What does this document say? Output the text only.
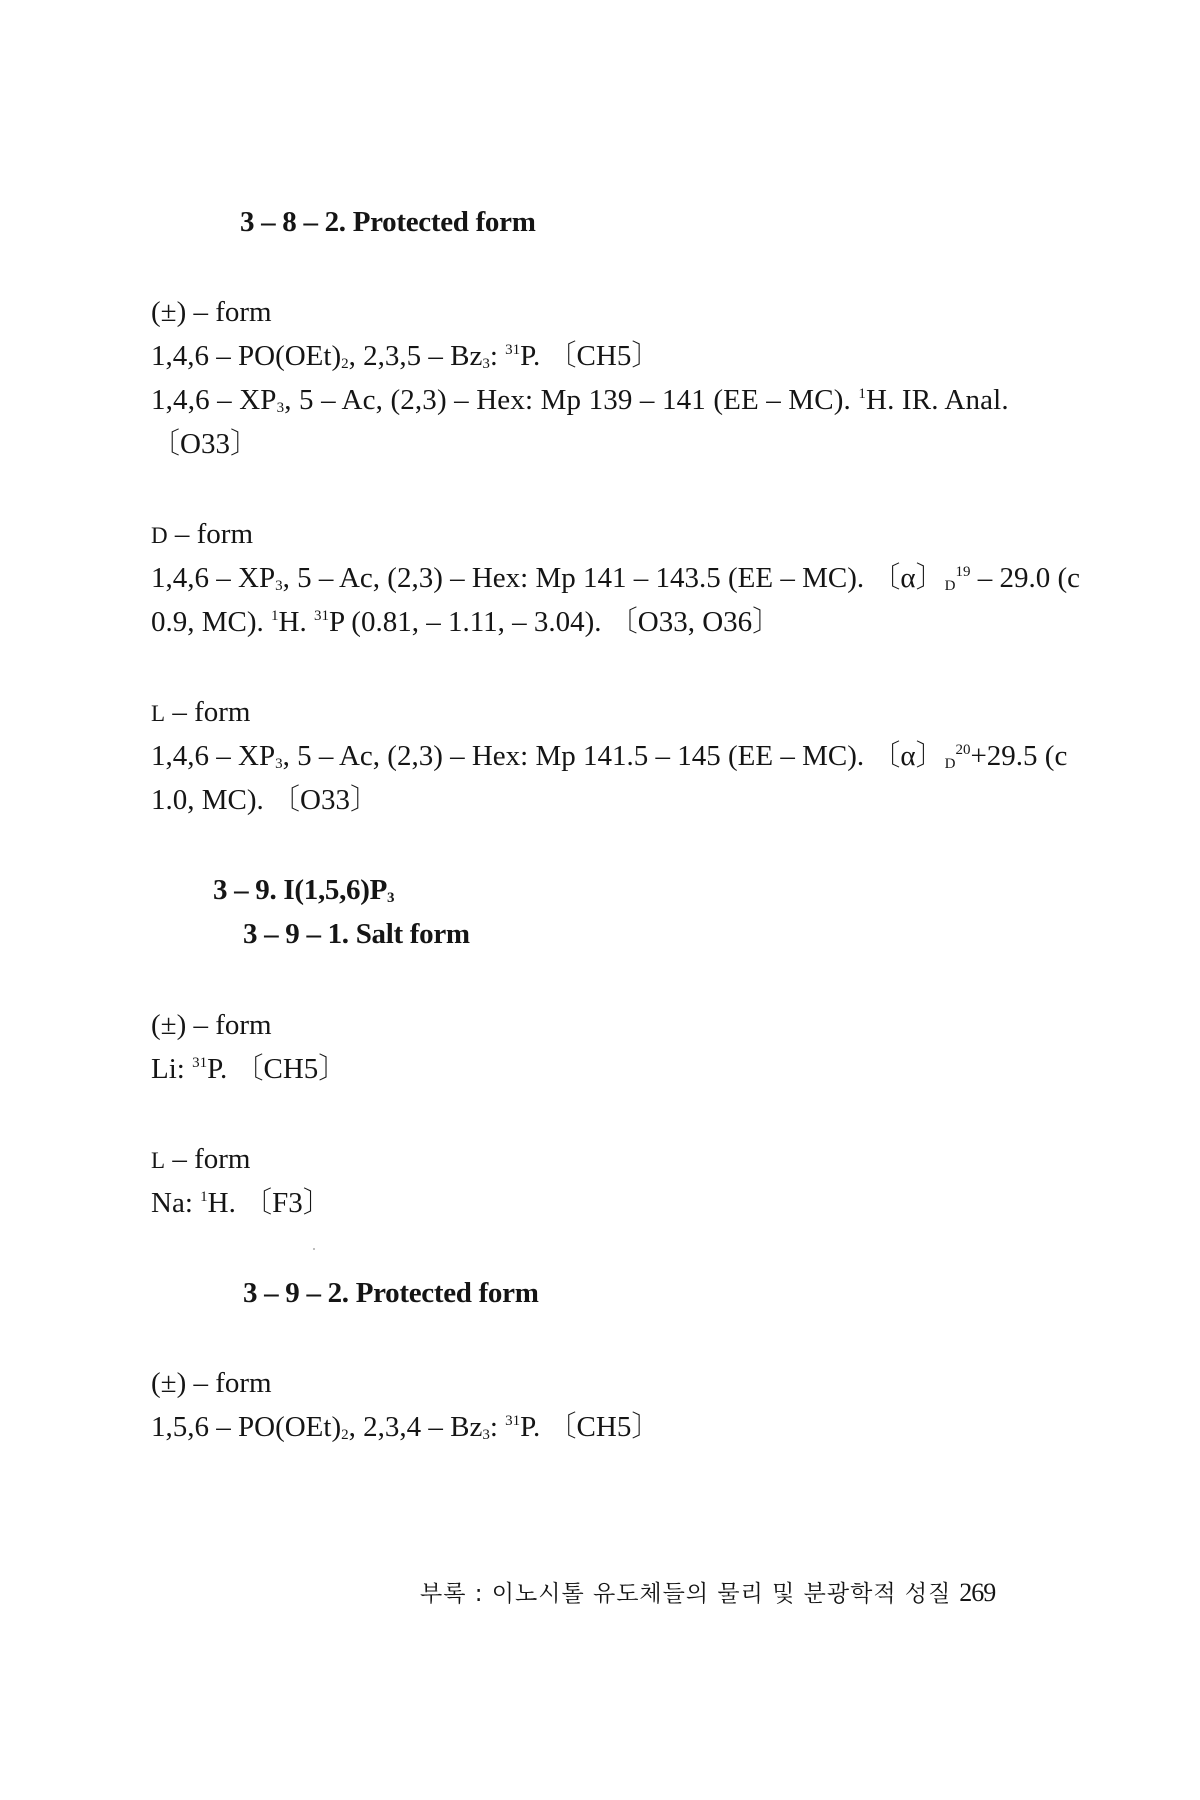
3 – 8 – 2. Protected form
(±) – form
$1,4,6 - PO(OEt)_2$, $2,3,5 - Bz_3$: $^{31}$P. 〔CH5〕
$1,4,6 - XP_3$, 5 – Ac, (2,3) – Hex: Mp 139 – 141 (EE – MC). $^1$H. IR. Anal.
〔O33〕
D – form
$1,4,6 - XP_3$, 5 – Ac, (2,3) – Hex: Mp 141 – 143.5 (EE – MC). 〔α〕$_D^{19}$ – 29.0 (c
0.9, MC). $^1$H. $^{31}$P (0.81, – 1.11, – 3.04). 〔O33, O36〕
L – form
$1,4,6 - XP_3$, 5 – Ac, (2,3) – Hex: Mp 141.5 – 145 (EE – MC). 〔α〕$_D^{20}$+29.5 (c
1.0, MC). 〔O33〕
3 – 9. $I(1,5,6)P_3$
3 – 9 – 1. Salt form
(±) – form
Li: $^{31}$P. 〔CH5〕
L – form
Na: $^1$H. 〔F3〕
3 – 9 – 2. Protected form
(±) – form
$1,5,6 - PO(OEt)_2$, $2,3,4 - Bz_3$: $^{31}$P. 〔CH5〕
부록 : 이노시톨 유도체들의 물리 및 분광학적 성질 269
